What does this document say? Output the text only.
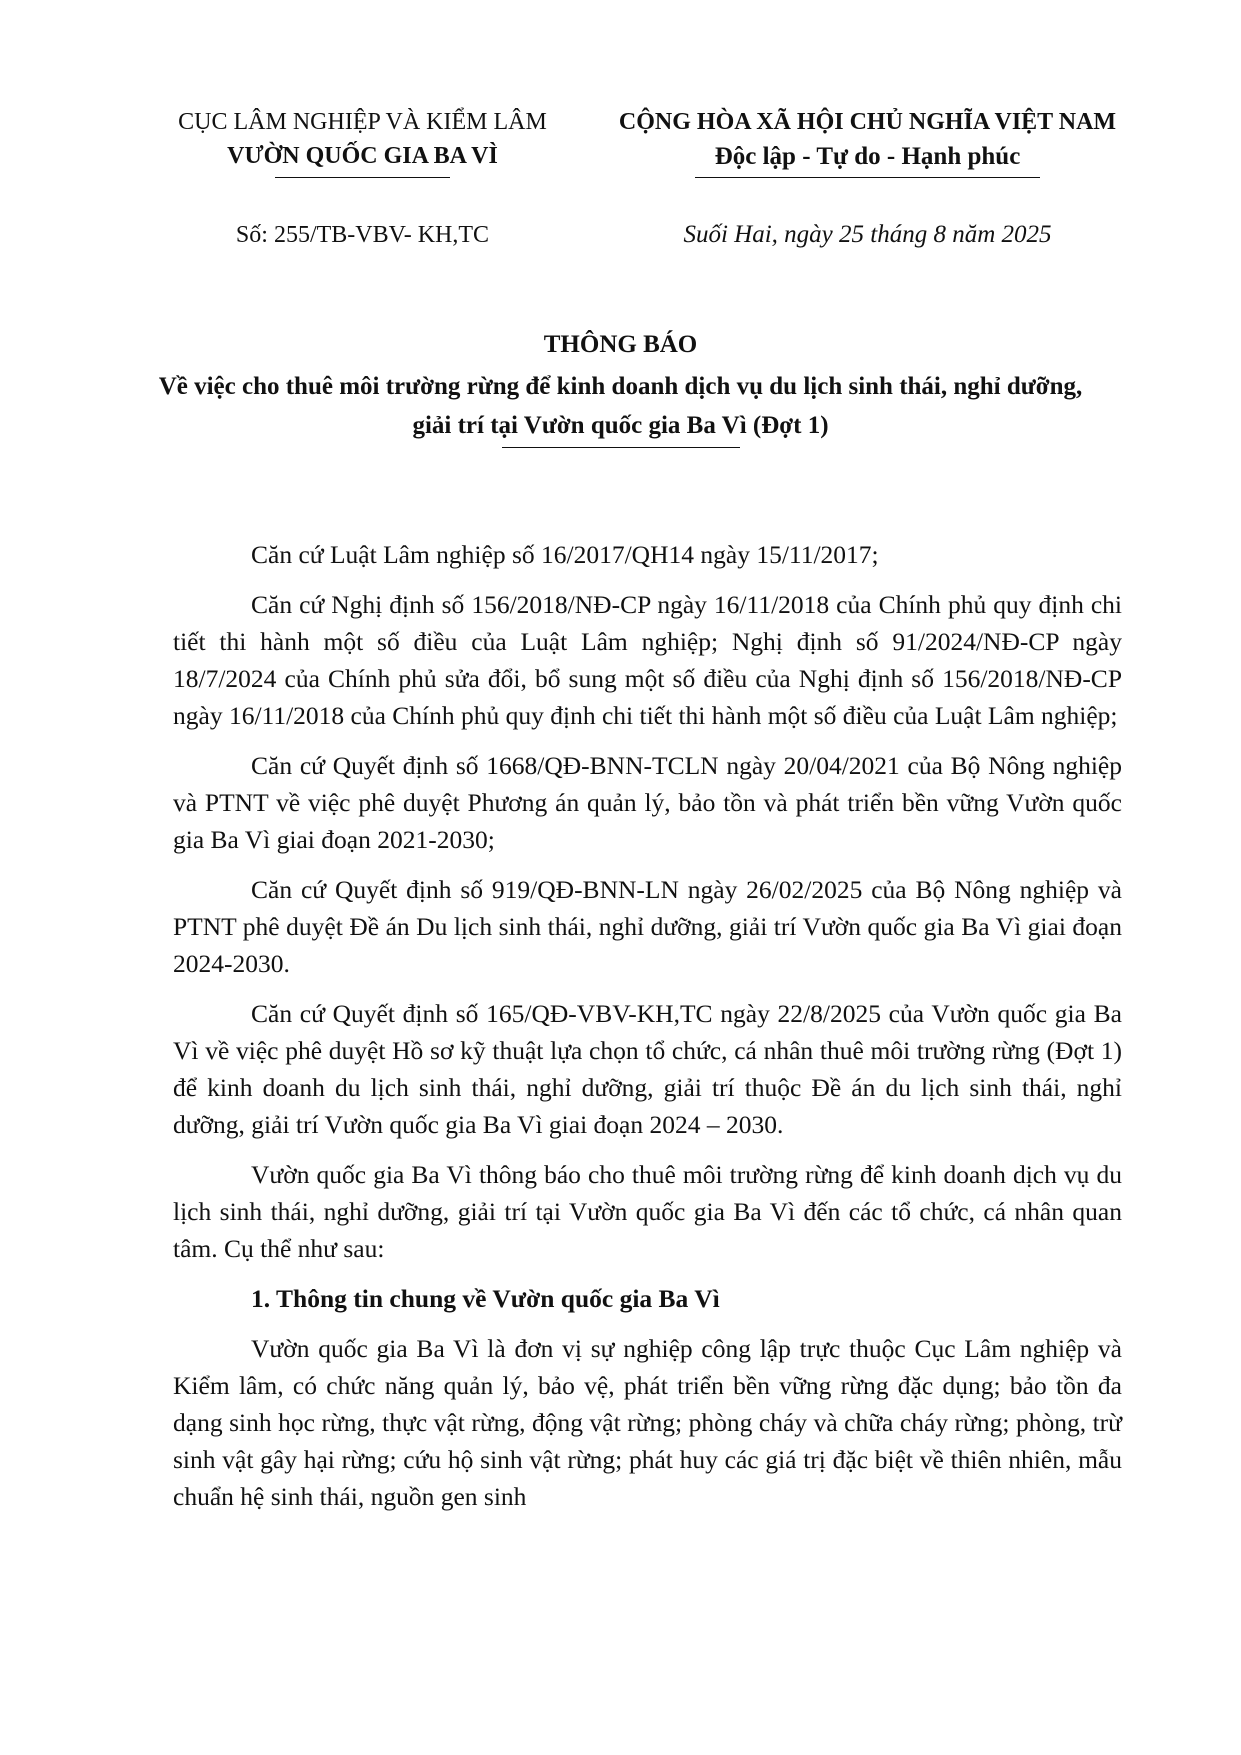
CỤC LÂM NGHIỆP VÀ KIỂM LÂM
VƯỜN QUỐC GIA BA VÌ
CỘNG HÒA XÃ HỘI CHỦ NGHĨA VIỆT NAM
Độc lập - Tự do - Hạnh phúc
Số: 255/TB-VBV- KH,TC	Suối Hai, ngày 25 tháng 8 năm 2025
THÔNG BÁO
Về việc cho thuê môi trường rừng để kinh doanh dịch vụ du lịch sinh thái, nghỉ dưỡng, giải trí tại Vườn quốc gia Ba Vì (Đợt 1)

Căn cứ Luật Lâm nghiệp số 16/2017/QH14 ngày 15/11/2017;

Căn cứ Nghị định số 156/2018/NĐ-CP ngày 16/11/2018 của Chính phủ quy định chi tiết thi hành một số điều của Luật Lâm nghiệp; Nghị định số 91/2024/NĐ-CP ngày 18/7/2024 của Chính phủ sửa đổi, bổ sung một số điều của Nghị định số 156/2018/NĐ-CP ngày 16/11/2018 của Chính phủ quy định chi tiết thi hành một số điều của Luật Lâm nghiệp;

Căn cứ Quyết định số 1668/QĐ-BNN-TCLN ngày 20/04/2021 của Bộ Nông nghiệp và PTNT về việc phê duyệt Phương án quản lý, bảo tồn và phát triển bền vững Vườn quốc gia Ba Vì giai đoạn 2021-2030;

Căn cứ Quyết định số 919/QĐ-BNN-LN ngày 26/02/2025 của Bộ Nông nghiệp và PTNT phê duyệt Đề án Du lịch sinh thái, nghỉ dưỡng, giải trí Vườn quốc gia Ba Vì giai đoạn 2024-2030.

Căn cứ Quyết định số 165/QĐ-VBV-KH,TC ngày 22/8/2025 của Vườn quốc gia Ba Vì về việc phê duyệt Hồ sơ kỹ thuật lựa chọn tổ chức, cá nhân thuê môi trường rừng (Đợt 1) để kinh doanh du lịch sinh thái, nghỉ dưỡng, giải trí thuộc Đề án du lịch sinh thái, nghỉ dưỡng, giải trí Vườn quốc gia Ba Vì giai đoạn 2024 – 2030.

Vườn quốc gia Ba Vì thông báo cho thuê môi trường rừng để kinh doanh dịch vụ du lịch sinh thái, nghỉ dưỡng, giải trí tại Vườn quốc gia Ba Vì đến các tổ chức, cá nhân quan tâm. Cụ thể như sau:

1. Thông tin chung về Vườn quốc gia Ba Vì

Vườn quốc gia Ba Vì là đơn vị sự nghiệp công lập trực thuộc Cục Lâm nghiệp và Kiểm lâm, có chức năng quản lý, bảo vệ, phát triển bền vững rừng đặc dụng; bảo tồn đa dạng sinh học rừng, thực vật rừng, động vật rừng; phòng cháy và chữa cháy rừng; phòng, trừ sinh vật gây hại rừng; cứu hộ sinh vật rừng; phát huy các giá trị đặc biệt về thiên nhiên, mẫu chuẩn hệ sinh thái, nguồn gen sinh
